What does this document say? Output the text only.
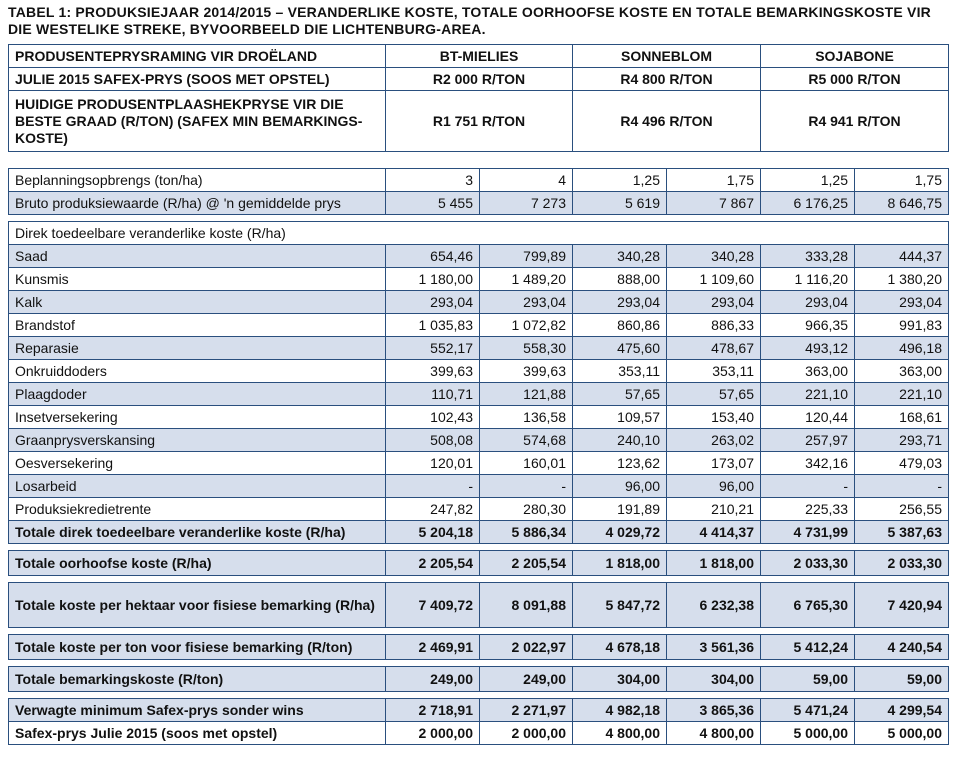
TABEL 1: PRODUKSIEJAAR 2014/2015 – VERANDERLIKE KOSTE, TOTALE OORHOOFSE KOSTE EN TOTALE BEMARKINGSKOSTE VIR DIE WESTELIKE STREKE, BYVOORBEELD DIE LICHTENBURG-AREA.
PRODUSENTEPRYSRAMING VIR DROËLAND	BT-MIELIES	SONNEBLOM	SOJABONE
JULIE 2015 SAFEX-PRYS (SOOS MET OPSTEL)	R2 000 R/TON	R4 800 R/TON	R5 000 R/TON
HUIDIGE PRODUSENTPLAASHEKPRYSE VIR DIE BESTE GRAAD (R/TON) (SAFEX MIN BEMARKINGS-KOSTE)	R1 751 R/TON	R4 496 R/TON	R4 941 R/TON
Beplanningsopbrengs (ton/ha)	3	4	1,25	1,75	1,25	1,75
Bruto produksiewaarde (R/ha) @ 'n gemiddelde prys	5 455	7 273	5 619	7 867	6 176,25	8 646,75

Direk toedeelbare veranderlike koste (R/ha)						
Saad	654,46	799,89	340,28	340,28	333,28	444,37
Kunsmis	1 180,00	1 489,20	888,00	1 109,60	1 116,20	1 380,20
Kalk	293,04	293,04	293,04	293,04	293,04	293,04
Brandstof	1 035,83	1 072,82	860,86	886,33	966,35	991,83
Reparasie	552,17	558,30	475,60	478,67	493,12	496,18
Onkruiddoders	399,63	399,63	353,11	353,11	363,00	363,00
Plaagdoder	110,71	121,88	57,65	57,65	221,10	221,10
Insetversekering	102,43	136,58	109,57	153,40	120,44	168,61
Graanprysverskansing	508,08	574,68	240,10	263,02	257,97	293,71
Oesversekering	120,01	160,01	123,62	173,07	342,16	479,03
Losarbeid	-	-	96,00	96,00	-	-
Produksiekredietrente	247,82	280,30	191,89	210,21	225,33	256,55
Totale direk toedeelbare veranderlike koste (R/ha)	5 204,18	5 886,34	4 029,72	4 414,37	4 731,99	5 387,63

Totale oorhoofse koste (R/ha)	2 205,54	2 205,54	1 818,00	1 818,00	2 033,30	2 033,30

Totale koste per hektaar voor fisiese bemarking (R/ha)	7 409,72	8 091,88	5 847,72	6 232,38	6 765,30	7 420,94

Totale koste per ton voor fisiese bemarking (R/ton)	2 469,91	2 022,97	4 678,18	3 561,36	5 412,24	4 240,54

Totale bemarkingskoste (R/ton)	249,00	249,00	304,00	304,00	59,00	59,00

Verwagte minimum Safex-prys sonder wins	2 718,91	2 271,97	4 982,18	3 865,36	5 471,24	4 299,54
Safex-prys Julie 2015 (soos met opstel)	2 000,00	2 000,00	4 800,00	4 800,00	5 000,00	5 000,00
